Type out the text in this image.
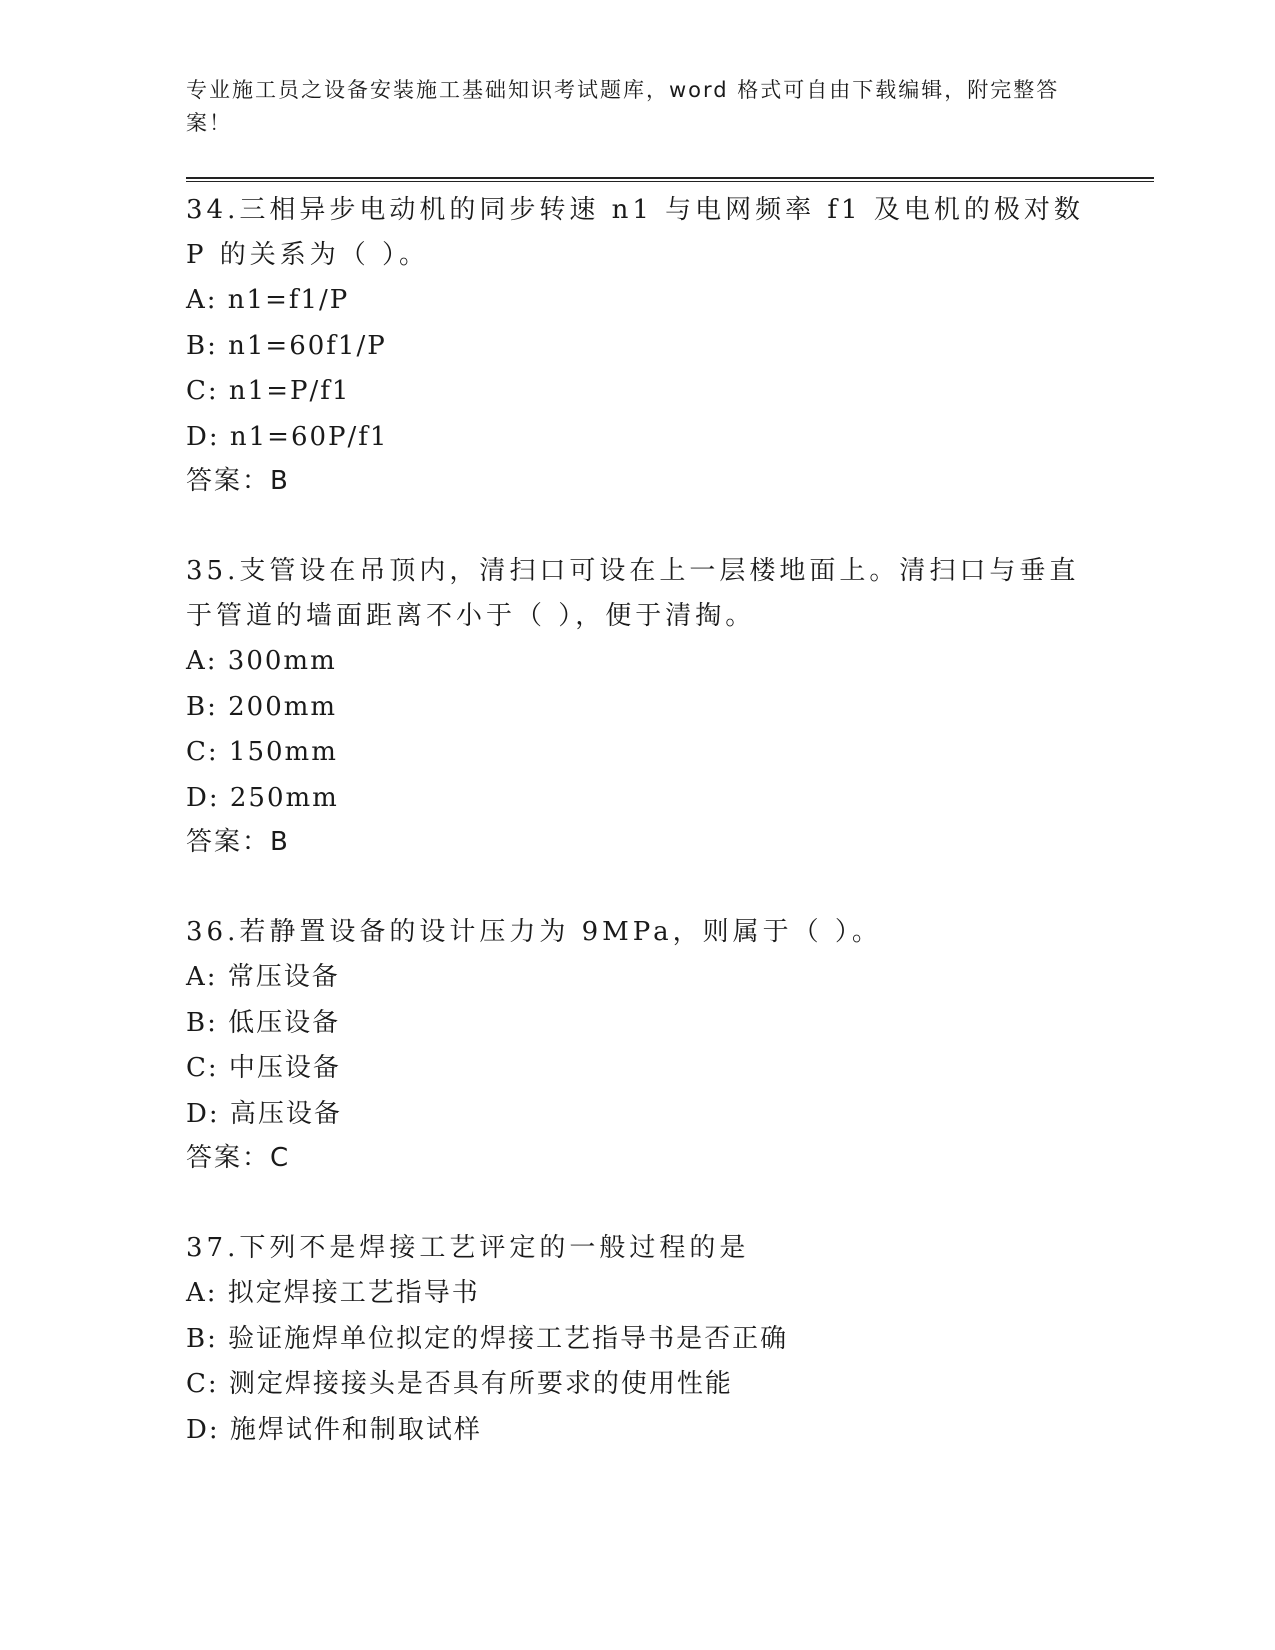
专业施工员之设备安装施工基础知识考试题库，word 格式可自由下载编辑，附完整答案！

34.三相异步电动机的同步转速 n1 与电网频率 f1 及电机的极对数 P 的关系为（ ）。

A: n1=f1/P

B: n1=60f1/P

C: n1=P/f1

D: n1=60P/f1

答案：B

35.支管设在吊顶内，清扫口可设在上一层楼地面上。清扫口与垂直于管道的墙面距离不小于（ ），便于清掏。

A: 300mm

B: 200mm

C: 150mm

D: 250mm

答案：B

36.若静置设备的设计压力为 9MPa，则属于（ ）。

A: 常压设备

B: 低压设备

C: 中压设备

D: 高压设备

答案：C

37.下列不是焊接工艺评定的一般过程的是

A: 拟定焊接工艺指导书

B: 验证施焊单位拟定的焊接工艺指导书是否正确

C: 测定焊接接头是否具有所要求的使用性能

D: 施焊试件和制取试样
